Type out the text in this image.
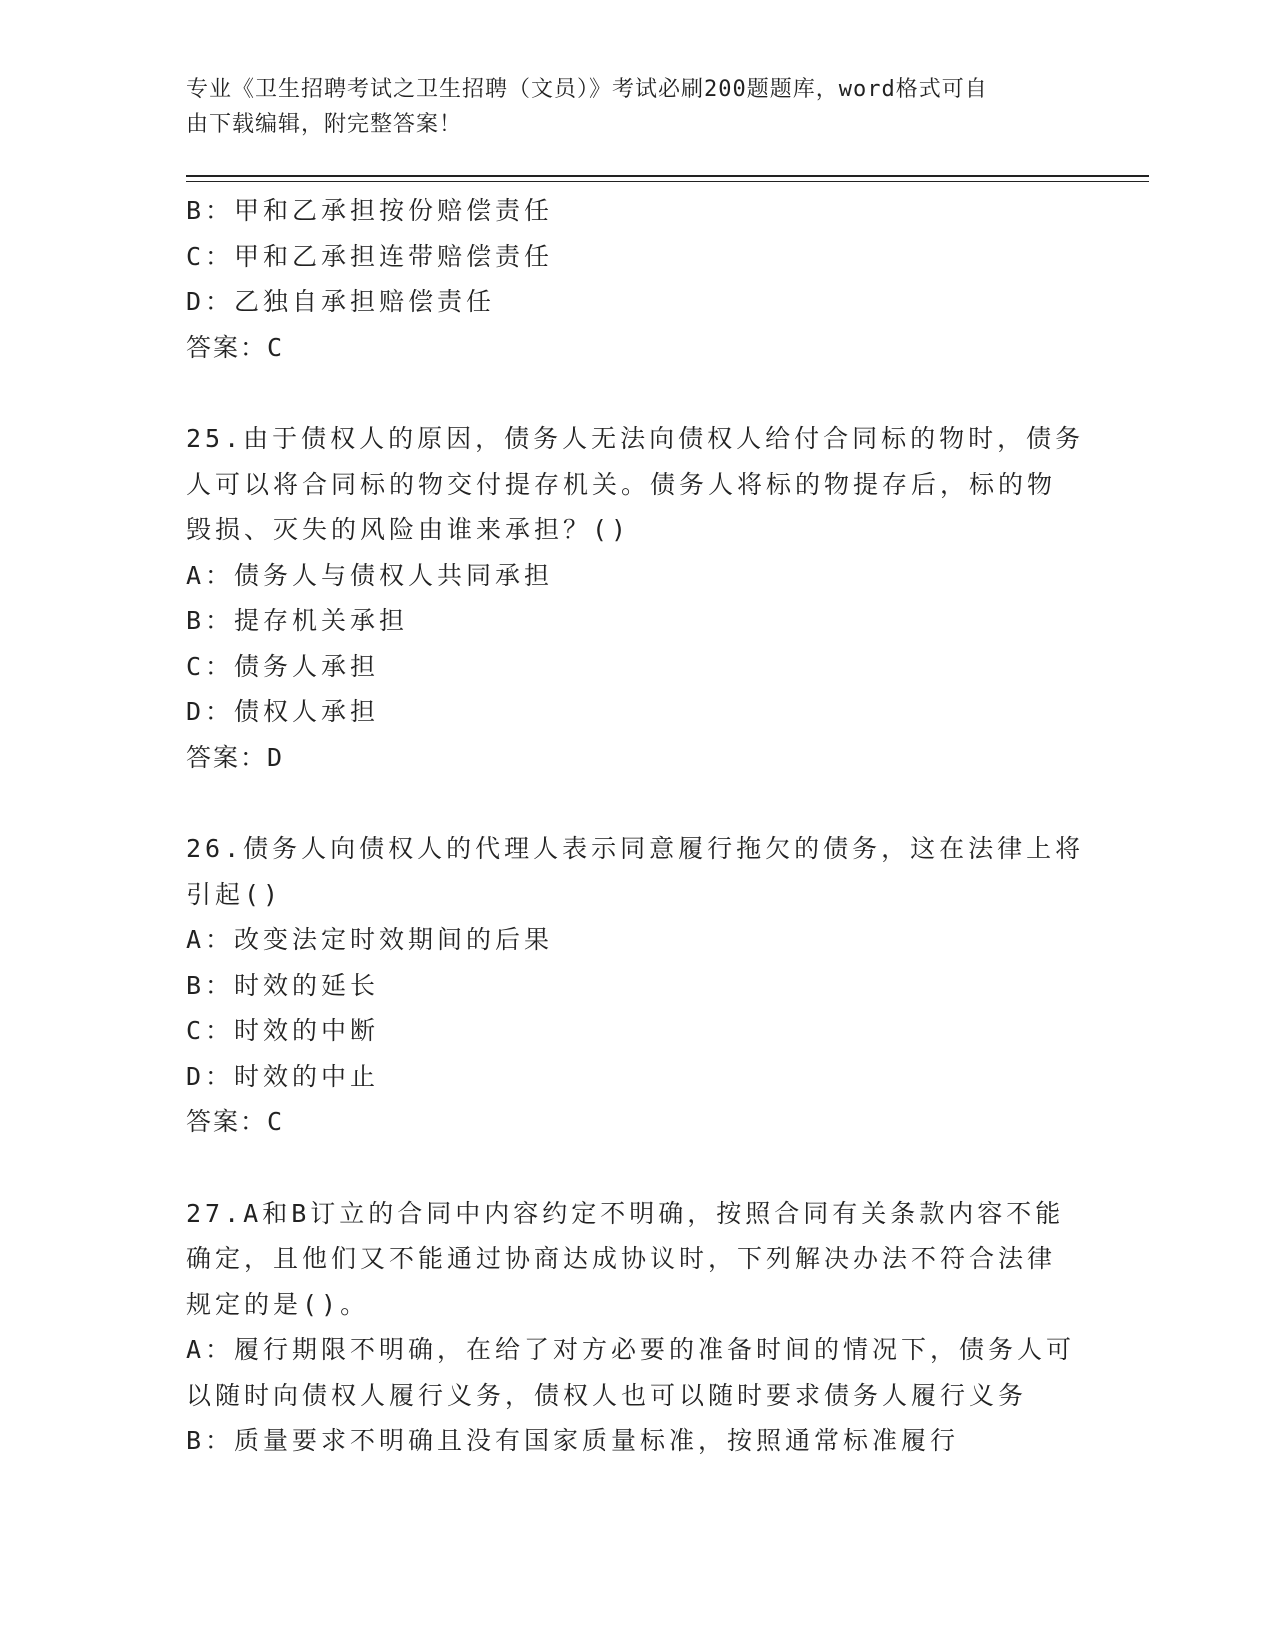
专业《卫生招聘考试之卫生招聘（文员）》考试必刷200题题库，word格式可自
由下载编辑，附完整答案！
B：甲和乙承担按份赔偿责任
C：甲和乙承担连带赔偿责任
D：乙独自承担赔偿责任
答案：C
25.由于债权人的原因，债务人无法向债权人给付合同标的物时，债务
人可以将合同标的物交付提存机关。债务人将标的物提存后，标的物
毁损、灭失的风险由谁来承担？()
A：债务人与债权人共同承担
B：提存机关承担
C：债务人承担
D：债权人承担
答案：D
26.债务人向债权人的代理人表示同意履行拖欠的债务，这在法律上将
引起()
A：改变法定时效期间的后果
B：时效的延长
C：时效的中断
D：时效的中止
答案：C
27.A和B订立的合同中内容约定不明确，按照合同有关条款内容不能
确定，且他们又不能通过协商达成协议时，下列解决办法不符合法律
规定的是()。
A：履行期限不明确，在给了对方必要的准备时间的情况下，债务人可
以随时向债权人履行义务，债权人也可以随时要求债务人履行义务
B：质量要求不明确且没有国家质量标准，按照通常标准履行
